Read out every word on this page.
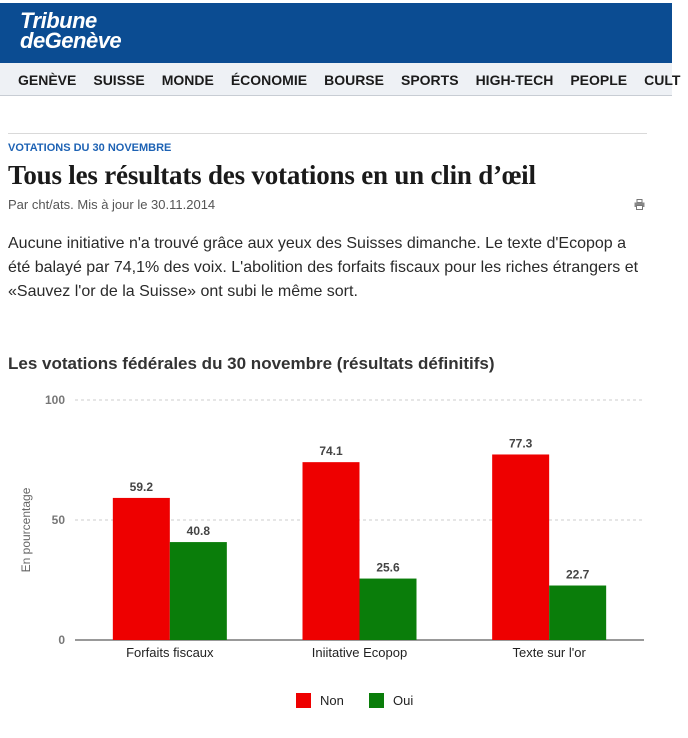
Tribune
deGenève
GENÈVE SUISSE MONDE ÉCONOMIE BOURSE SPORTS HIGH-TECH PEOPLE CULT
VOTATIONS DU 30 NOVEMBRE
Tous les résultats des votations en un clin d’œil
Par cht/ats. Mis à jour le 30.11.2014

Aucune initiative n'a trouvé grâce aux yeux des Suisses dimanche. Le texte d'Ecopop a été balayé par 74,1% des voix. L'abolition des forfaits fiscaux pour les riches étrangers et «Sauvez l'or de la Suisse» ont subi le même sort.

Les votations fédérales du 30 novembre (résultats définitifs)
0
50
100
En pourcentage
59.2
40.8
Forfaits fiscaux
74.1
25.6
Iniitative Ecopop
77.3
22.7
Texte sur l'or
Non	Oui
